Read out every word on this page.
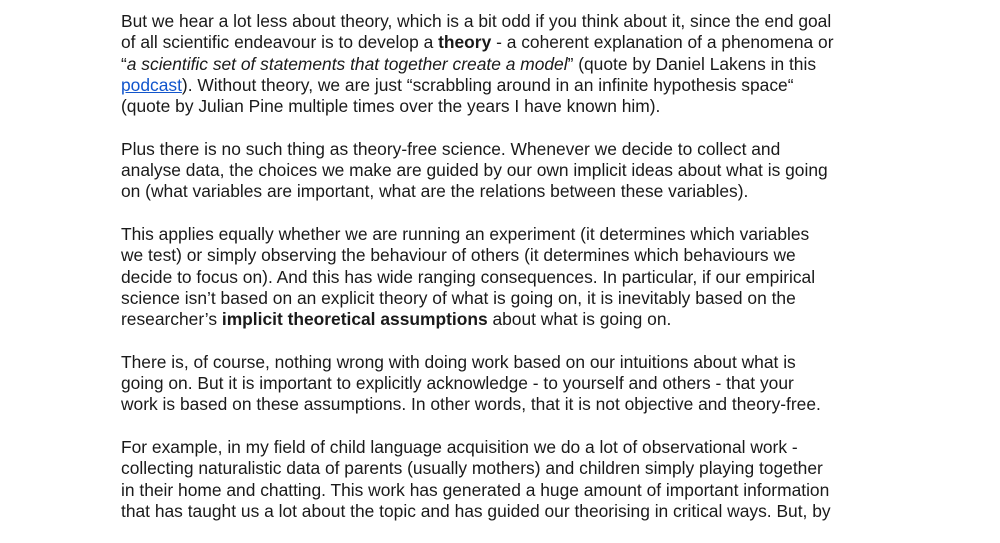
But we hear a lot less about theory, which is a bit odd if you think about it, since the end goal
of all scientific endeavour is to develop a theory - a coherent explanation of a phenomena or
“a scientific set of statements that together create a model” (quote by Daniel Lakens in this
podcast). Without theory, we are just “scrabbling around in an infinite hypothesis space“
(quote by Julian Pine multiple times over the years I have known him).

Plus there is no such thing as theory-free science. Whenever we decide to collect and
analyse data, the choices we make are guided by our own implicit ideas about what is going
on (what variables are important, what are the relations between these variables).

This applies equally whether we are running an experiment (it determines which variables
we test) or simply observing the behaviour of others (it determines which behaviours we
decide to focus on). And this has wide ranging consequences. In particular, if our empirical
science isn’t based on an explicit theory of what is going on, it is inevitably based on the
researcher’s implicit theoretical assumptions about what is going on.

There is, of course, nothing wrong with doing work based on our intuitions about what is
going on. But it is important to explicitly acknowledge - to yourself and others - that your
work is based on these assumptions. In other words, that it is not objective and theory-free.

For example, in my field of child language acquisition we do a lot of observational work -
collecting naturalistic data of parents (usually mothers) and children simply playing together
in their home and chatting. This work has generated a huge amount of important information
that has taught us a lot about the topic and has guided our theorising in critical ways. But, by
